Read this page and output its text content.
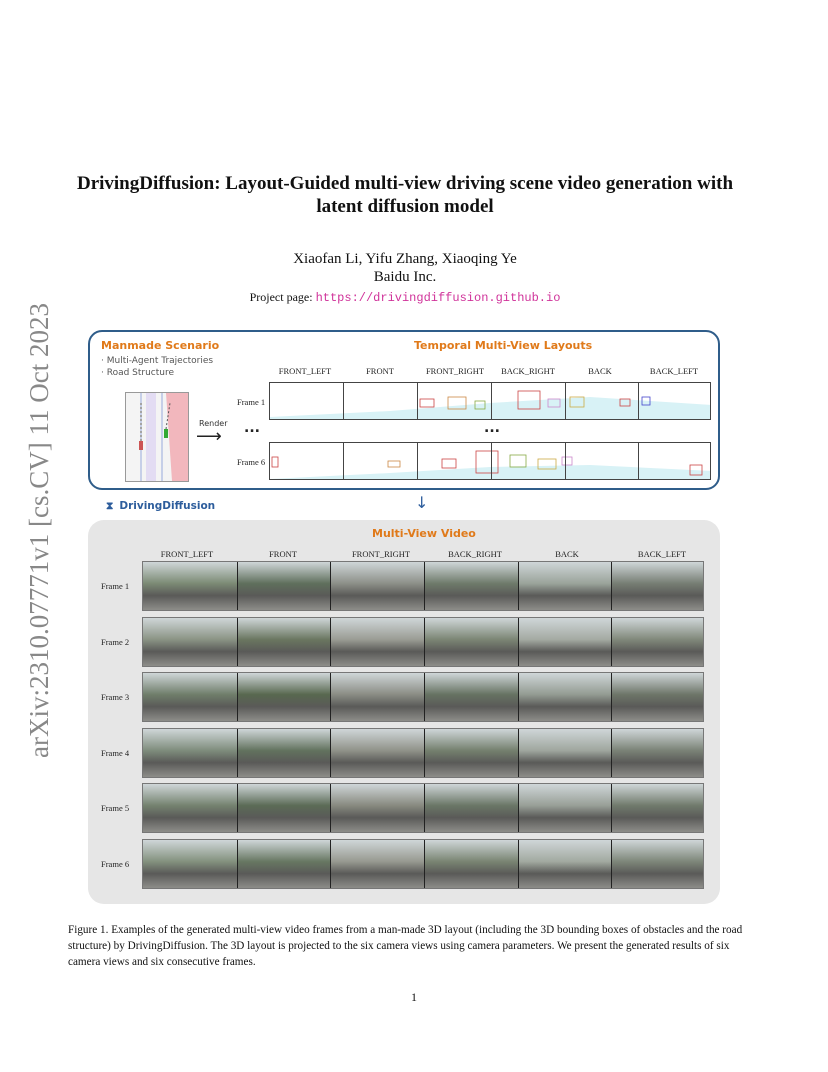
arXiv:2310.07771v1 [cs.CV] 11 Oct 2023
DrivingDiffusion: Layout-Guided multi-view driving scene video generation with
latent diffusion model
Xiaofan Li, Yifu Zhang, Xiaoqing Ye
Baidu Inc.
Project page: https://drivingdiffusion.github.io
Manmade Scenario
· Multi-Agent Trajectories
· Road Structure
Temporal Multi-View Layouts
Render
⟶
FRONT_LEFT	FRONT	FRONT_RIGHT	BACK_RIGHT	BACK	BACK_LEFT
Frame 1
...	...
Frame 6
⧗ DrivingDiffusion	↓
Multi-View Video
FRONT_LEFT	FRONT	FRONT_RIGHT	BACK_RIGHT	BACK	BACK_LEFT
Frame 1
Frame 2
Frame 3
Frame 4
Frame 5
Frame 6
Figure 1. Examples of the generated multi-view video frames from a man-made 3D layout (including the 3D bounding boxes of obstacles and the road structure) by DrivingDiffusion. The 3D layout is projected to the six camera views using camera parameters. We present the generated results of six camera views and six consecutive frames.
1
